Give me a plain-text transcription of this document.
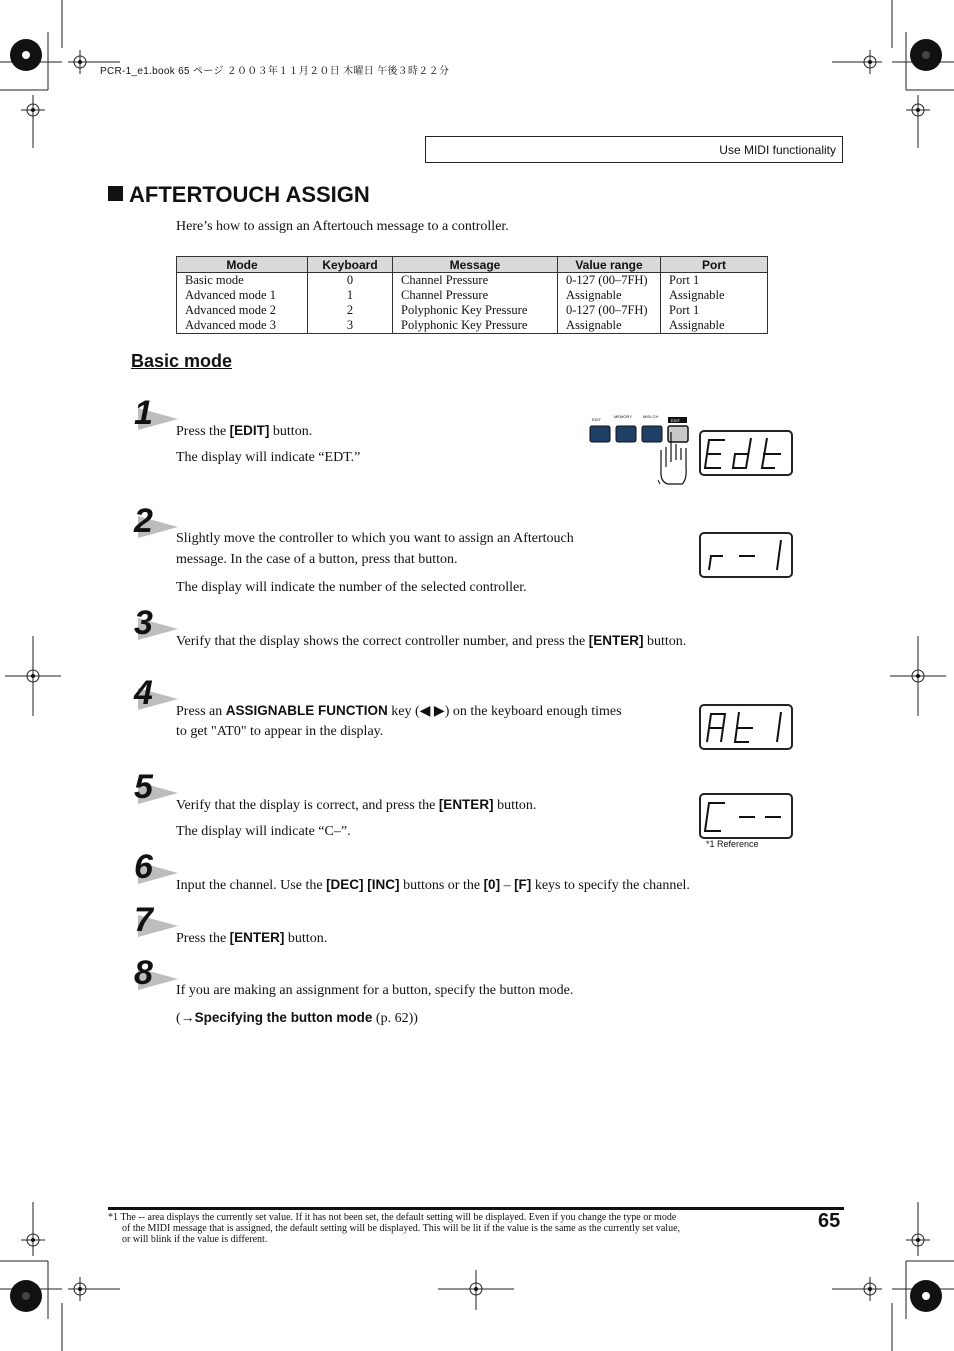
PCR-1_e1.book 65 ページ ２００３年１１月２０日 木曜日 午後３時２２分
Use MIDI functionality
AFTERTOUCH ASSIGN
Here’s how to assign an Aftertouch message to a controller.
Mode	Keyboard	Message	Value range	Port
Basic mode	0	Channel Pressure	0-127 (00–7FH)	Port 1
Advanced mode 1	1	Channel Pressure	Assignable	Assignable
Advanced mode 2	2	Polyphonic Key Pressure	0-127 (00–7FH)	Port 1
Advanced mode 3	3	Polyphonic Key Pressure	Assignable	Assignable
Basic mode
1 Press the [EDIT] button.
The display will indicate “EDT.”
EDIT
MEMORY	MIDI CH
EDIT
2 Slightly move the controller to which you want to assign an Aftertouch
message. In the case of a button, press that button.
The display will indicate the number of the selected controller.
3 Verify that the display shows the correct controller number, and press the [ENTER] button.
4 Press an ASSIGNABLE FUNCTION key (◀ ▶) on the keyboard enough times
to get "AT0" to appear in the display.
5 Verify that the display is correct, and press the [ENTER] button.
The display will indicate “C–”.
*1 Reference
6 Input the channel. Use the [DEC] [INC] buttons or the [0] – [F] keys to specify the channel.
7 Press the [ENTER] button.
8 If you are making an assignment for a button, specify the button mode.
(→Specifying the button mode (p. 62))
*1 The -- area displays the currently set value. If it has not been set, the default setting will be displayed. Even if you change the type or mode
of the MIDI message that is assigned, the default setting will be displayed. This will be lit if the value is the same as the currently set value,
or will blink if the value is different.
65
